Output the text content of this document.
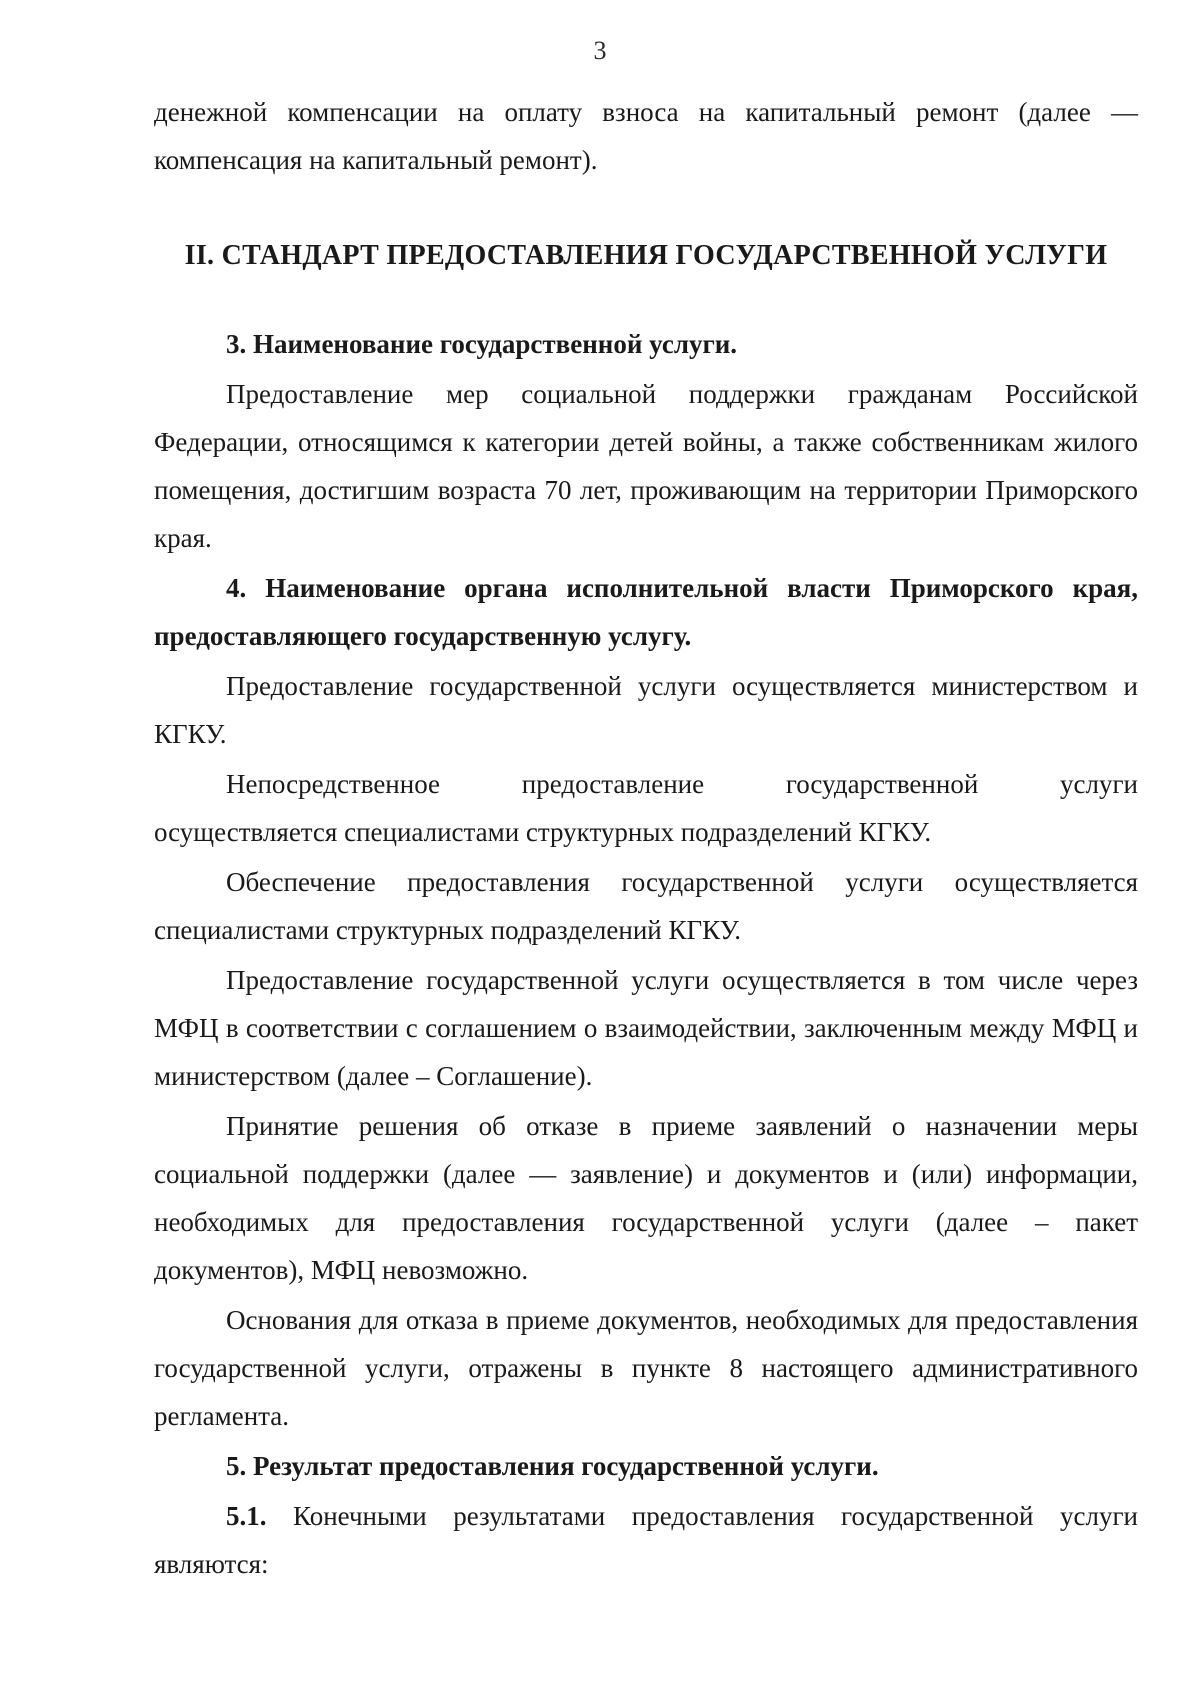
3

денежной компенсации на оплату взноса на капитальный ремонт (далее — компенсация на капитальный ремонт).

II. СТАНДАРТ ПРЕДОСТАВЛЕНИЯ ГОСУДАРСТВЕННОЙ УСЛУГИ

3. Наименование государственной услуги.

Предоставление мер социальной поддержки гражданам Российской Федерации, относящимся к категории детей войны, а также собственникам жилого помещения, достигшим возраста 70 лет, проживающим на территории Приморского края.

4. Наименование органа исполнительной власти Приморского края, предоставляющего государственную услугу.

Предоставление государственной услуги осуществляется министерством и КГКУ.

Непосредственное предоставление государственной услуги

осуществляется специалистами структурных подразделений КГКУ.

Обеспечение предоставления государственной услуги осуществляется специалистами структурных подразделений КГКУ.

Предоставление государственной услуги осуществляется в том числе через МФЦ в соответствии с соглашением о взаимодействии, заключенным между МФЦ и министерством (далее – Соглашение).

Принятие решения об отказе в приеме заявлений о назначении меры социальной поддержки (далее — заявление) и документов и (или) информации, необходимых для предоставления государственной услуги (далее – пакет документов), МФЦ невозможно.

Основания для отказа в приеме документов, необходимых для предоставления государственной услуги, отражены в пункте 8 настоящего административного регламента.

5. Результат предоставления государственной услуги.

5.1. Конечными результатами предоставления государственной услуги являются:
